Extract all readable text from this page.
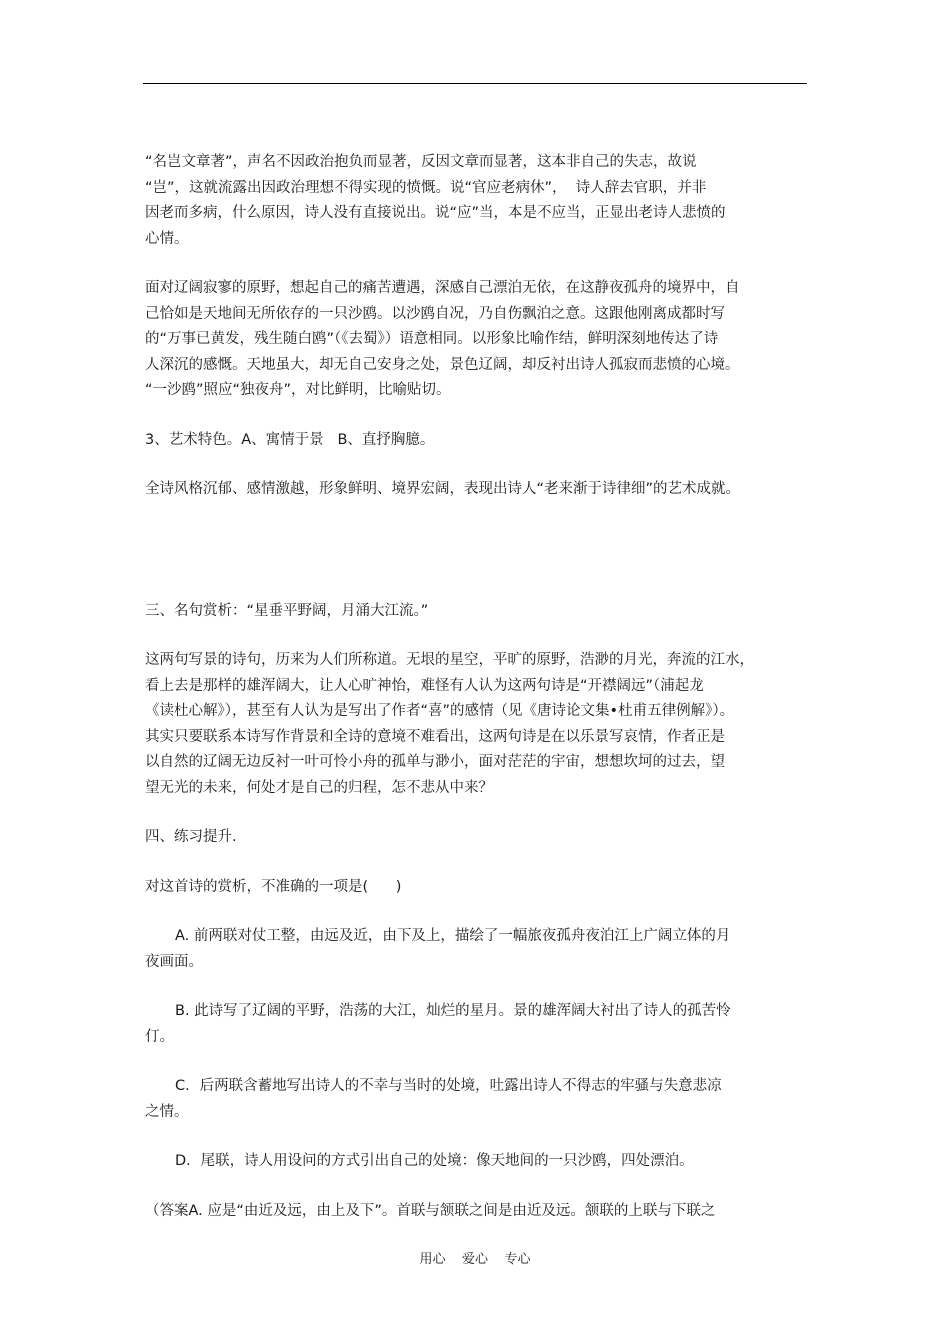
“名岂文章著”，声名不因政治抱负而显著，反因文章而显著，这本非自己的失志，故说

“岂”，这就流露出因政治理想不得实现的愤慨。说“官应老病休”，  诗人辞去官职，并非

因老而多病，什么原因，诗人没有直接说出。说“应”当，本是不应当，正显出老诗人悲愤的

心情。

面对辽阔寂寥的原野，想起自己的痛苦遭遇，深感自己漂泊无依，在这静夜孤舟的境界中，自

己恰如是天地间无所依存的一只沙鸥。以沙鸥自况，乃自伤飘泊之意。这跟他刚离成都时写

的“万事已黄发，残生随白鸥”（《去蜀》）语意相同。以形象比喻作结，鲜明深刻地传达了诗

人深沉的感慨。天地虽大，却无自己安身之处，景色辽阔，却反衬出诗人孤寂而悲愤的心境。

“一沙鸥”照应“独夜舟”，对比鲜明，比喻贴切。

3、艺术特色。A、寓情于景   B、直抒胸臆。

全诗风格沉郁、感情激越，形象鲜明、境界宏阔，表现出诗人“老来渐于诗律细”的艺术成就。

三、名句赏析：“星垂平野阔，月涌大江流。”

这两句写景的诗句，历来为人们所称道。无垠的星空，平旷的原野，浩渺的月光，奔流的江水，

看上去是那样的雄浑阔大，让人心旷神怡，难怪有人认为这两句诗是“开襟阔远”（浦起龙

《读杜心解》），甚至有人认为是写出了作者“喜”的感情（见《唐诗论文集•杜甫五律例解》）。

其实只要联系本诗写作背景和全诗的意境不难看出，这两句诗是在以乐景写哀情，作者正是

以自然的辽阔无边反衬一叶可怜小舟的孤单与渺小，面对茫茫的宇宙，想想坎坷的过去，望

望无光的未来，何处才是自己的归程，怎不悲从中来？

四、练习提升.

对这首诗的赏析，不准确的一项是(      )

A. 前两联对仗工整，由远及近，由下及上，描绘了一幅旅夜孤舟夜泊江上广阔立体的月

夜画面。

B. 此诗写了辽阔的平野，浩荡的大江，灿烂的星月。景的雄浑阔大衬出了诗人的孤苦怜

仃。

C．后两联含蓄地写出诗人的不幸与当时的处境，吐露出诗人不得志的牢骚与失意悲凉

之情。

D．尾联，诗人用设问的方式引出自己的处境：像天地间的一只沙鸥，四处漂泊。

（答案A. 应是“由近及远，由上及下”。首联与颔联之间是由近及远。颔联的上联与下联之

用心    爱心    专心
